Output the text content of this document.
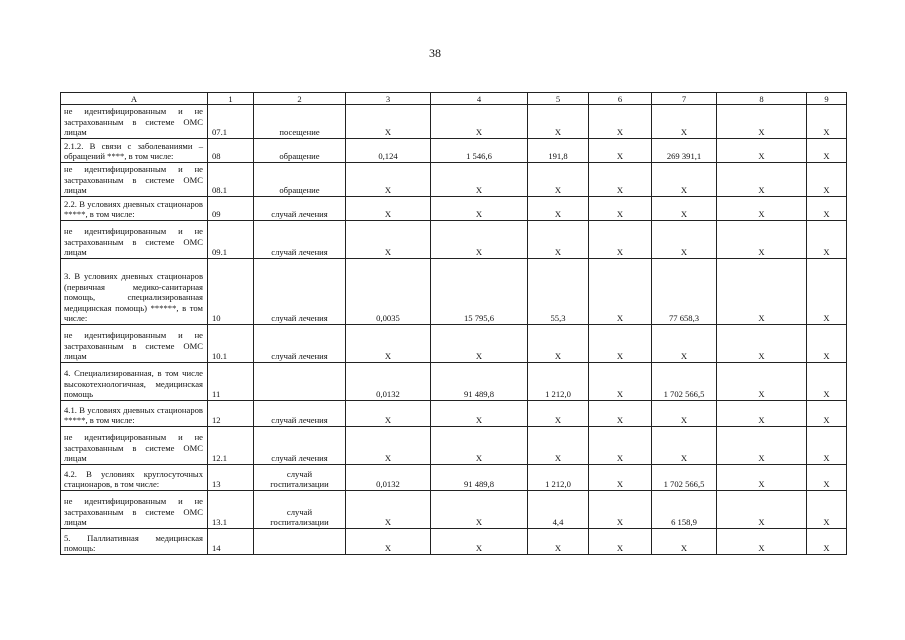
38
A	1	2	3	4	5	6	7	8	9
не идентифицированным и не застрахованным в системе ОМС лицам	07.1	посещение	X	X	X	X	X	X	X
2.1.2. В связи с заболеваниями – обращений ****, в том числе:	08	обращение	0,124	1 546,6	191,8	X	269 391,1	X	X
не идентифицированным и не застрахованным в системе ОМС лицам	08.1	обращение	X	X	X	X	X	X	X
2.2. В условиях дневных стационаров *****, в том числе:	09	случай лечения	X	X	X	X	X	X	X
не идентифицированным и не застрахованным в системе ОМС лицам	09.1	случай лечения	X	X	X	X	X	X	X
3. В условиях дневных стационаров (первичная медико-санитарная помощь, специализированная медицинская помощь) ******, в том числе:	10	случай лечения	0,0035	15 795,6	55,3	X	77 658,3	X	X
не идентифицированным и не застрахованным в системе ОМС лицам	10.1	случай лечения	X	X	X	X	X	X	X
4. Специализированная, в том числе высокотехнологичная, медицинская помощь	11		0,0132	91 489,8	1 212,0	X	1 702 566,5	X	X
4.1. В условиях дневных стационаров *****, в том числе:	12	случай лечения	X	X	X	X	X	X	X
не идентифицированным и не застрахованным в системе ОМС лицам	12.1	случай лечения	X	X	X	X	X	X	X
4.2. В условиях круглосуточных стационаров, в том числе:	13	случай госпитализации	0,0132	91 489,8	1 212,0	X	1 702 566,5	X	X
не идентифицированным и не застрахованным в системе ОМС лицам	13.1	случай госпитализации	X	X	4,4	X	6 158,9	X	X
5. Паллиативная медицинская помощь:	14		X	X	X	X	X	X	X
